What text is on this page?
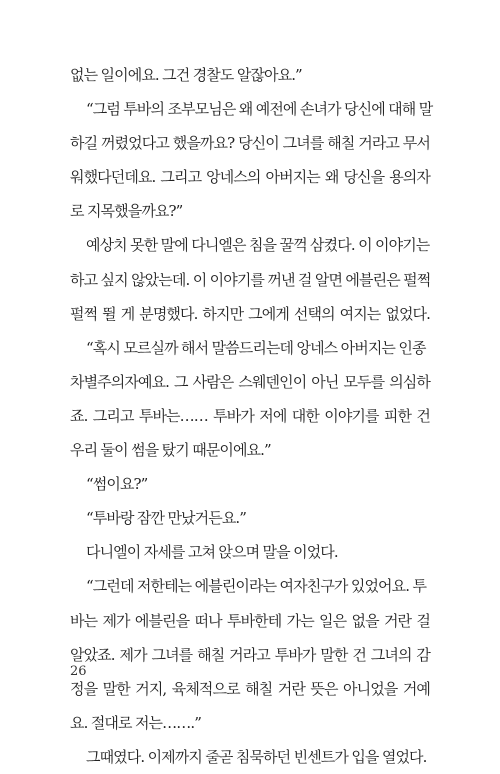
없는 일이에요. 그건 경찰도 알잖아요.”
“그럼 투바의 조부모님은 왜 예전에 손녀가 당신에 대해 말
하길 꺼렸었다고 했을까요? 당신이 그녀를 해칠 거라고 무서
워했다던데요. 그리고 앙네스의 아버지는 왜 당신을 용의자
로 지목했을까요?”
예상치 못한 말에 다니엘은 침을 꿀꺽 삼켰다. 이 이야기는
하고 싶지 않았는데. 이 이야기를 꺼낸 걸 알면 에블린은 펄쩍
펄쩍 뛸 게 분명했다. 하지만 그에게 선택의 여지는 없었다.
“혹시 모르실까 해서 말씀드리는데 앙네스 아버지는 인종
차별주의자예요. 그 사람은 스웨덴인이 아닌 모두를 의심하
죠. 그리고 투바는…… 투바가 저에 대한 이야기를 피한 건
우리 둘이 썸을 탔기 때문이에요.”
“썸이요?”
“투바랑 잠깐 만났거든요.”
다니엘이 자세를 고쳐 앉으며 말을 이었다.
“그런데 저한테는 에블린이라는 여자친구가 있었어요. 투
바는 제가 에블린을 떠나 투바한테 가는 일은 없을 거란 걸
알았죠. 제가 그녀를 해칠 거라고 투바가 말한 건 그녀의 감
정을 말한 거지, 육체적으로 해칠 거란 뜻은 아니었을 거예
요. 절대로 저는…….”
그때였다. 이제까지 줄곧 침묵하던 빈센트가 입을 열었다.
26
